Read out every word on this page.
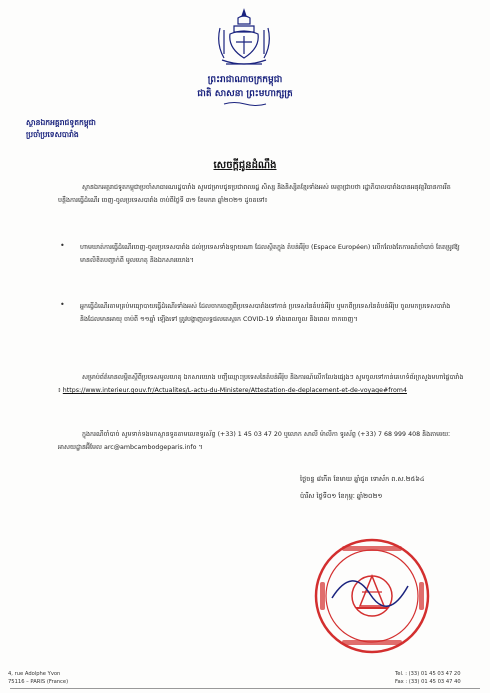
ព្រះរាជាណាចក្រកម្ពុជា
ជាតិ សាសនា ព្រះមហាក្សត្រ
ស្ថានឯកអគ្គរាជទូតកម្ពុជា
ប្រចាំប្រទេសបារាំង
សេចក្តីជូនដំណឹង
ស្ថានឯកអគ្គរាជទូតកម្ពុជាប្រចាំសាធារណរដ្ឋបារាំង សូមជម្រាបជូនប្រជាពលរដ្ឋ សិស្ស និងនិស្សិតខ្មែរទាំងអស់ មេត្តាជ្រាបថា រដ្ឋាភិបាលបារាំងបានអនុវត្តវិធានការរឹតបន្តឹងការធ្វើដំណើរ ចេញ-ចូលប្រទេសបារាំង ចាប់ពីថ្ងៃទី ៣១ ខែមករា ឆ្នាំ២០២១ ដូចតទៅ៖
• ហាមឃាត់ការធ្វើដំណើរចេញ-ចូលប្រទេសបារាំង ដល់ប្រទេសទាំងឡាយណា ដែលស្ថិតក្នុង តំបន់អឺរ៉ុប (Espace Européen) លើកលែងតែការណ៍ចាំបាច់ តែតម្រូវឱ្យមានលិខិតបញ្ជាក់ពី មូលហេតុ និងឯកសារយោង។
• អ្នកធ្វើដំណើរតាមគ្រប់មធ្យោបាយធ្វើដំណើរទាំងអស់ ដែលចាកចេញពីប្រទេសបារាំងទៅកាន់ ប្រទេសនៃតំបន់អឺរ៉ុប ឬមកពីប្រទេសនៃតំបន់អឺរ៉ុប ចូលមកប្រទេសបារាំង និងដែលមានអាយុ ចាប់ពី ១១ឆ្នាំ ឡើងទៅ ត្រូវបង្ហាញលទ្ធផលតេស្តរក COVID-19 ទាំងពេលចូល និងពេល ចាកចេញ។
សម្រាប់ព័ត៌មានលម្អិតស្តីពីប្រទេសមូលហេតុ ឯកសារយោង បញ្ជីឈ្មោះប្រទេសនៃតំបន់អឺរ៉ុប និងការណ៍លើកលែងផ្សេងៗ សូមចូលទៅកាន់គេហទំព័រក្រសួងមហាផ្ទៃបារាំង ៖ https://www.interieur.gouv.fr/Actualites/L-actu-du-Ministere/Attestation-de-deplacement-et-de-voyage#from4
ក្នុងករណីចាំបាច់ សូមទាក់ទងមកស្ថានទូតតាមលេខទូរស័ព្ទ (+33) 1 45 03 47 20 ឬលោក សាលី ម៉ាលីកា ទូរស័ព្ទ (+33) 7 68 999 408 និងតាមរយៈអាសយដ្ឋានអ៊ីមែល arc@ambcambodgeparis.info ។
ថ្ងៃចន្ទ ៨កើត ខែមាឃ ឆ្នាំជូត ទោស័ក ព.ស.២៥៦៤
ប៉ារីស ថ្ងៃទី០១ ខែកុម្ភៈ ឆ្នាំ២០២១
4, rue Adolphe Yvon
75116 – PARIS (France)
Tel. : (33) 01 45 03 47 20
Fax : (33) 01 45 03 47 40
